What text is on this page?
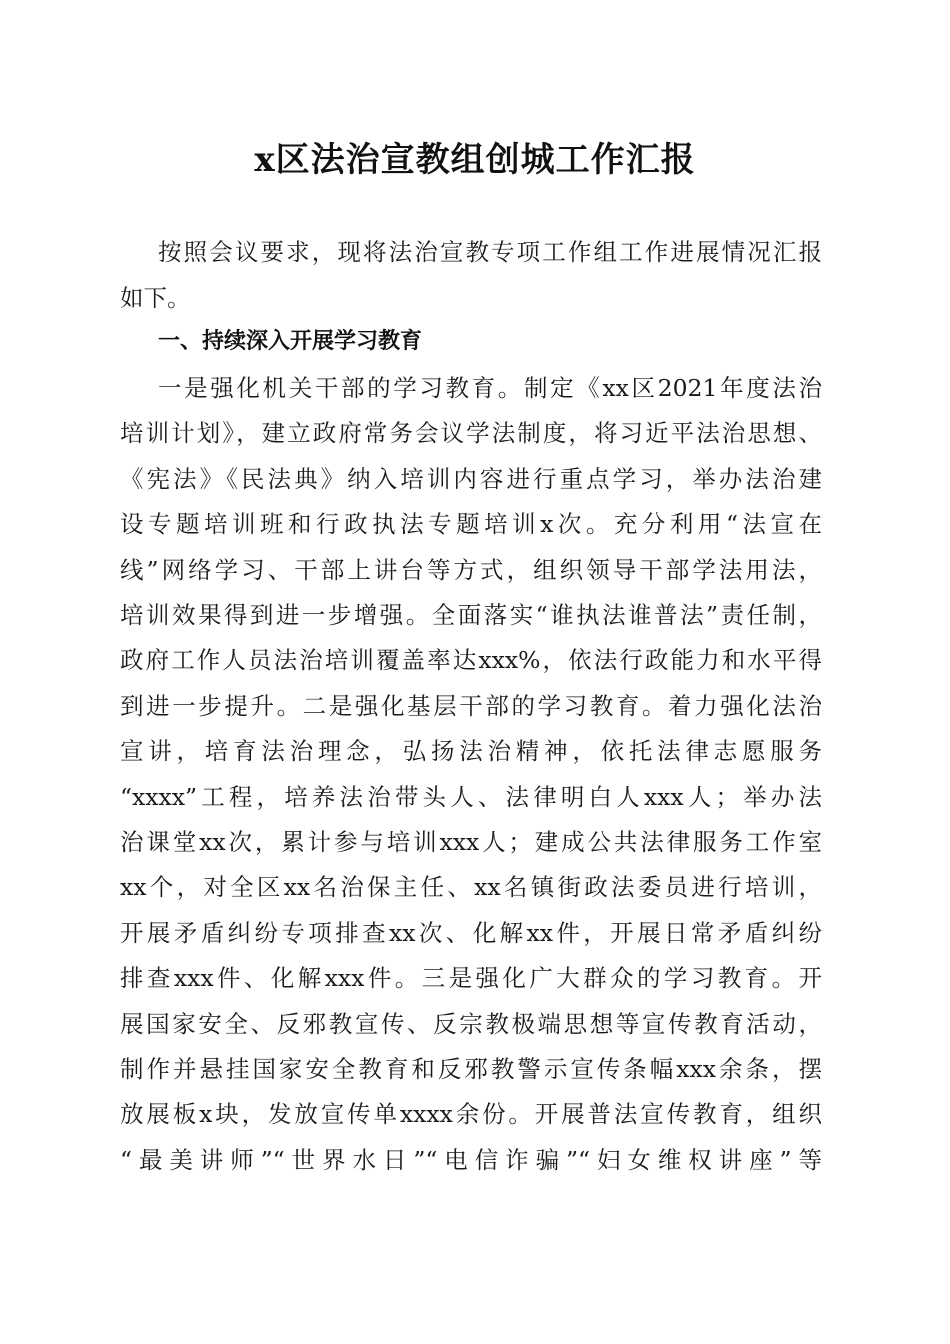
x区法治宣教组创城工作汇报
按照会议要求，现将法治宣教专项工作组工作进展情况汇报
如下。
一、持续深入开展学习教育
一是强化机关干部的学习教育。制定《xx区2021年度法治
培训计划》，建立政府常务会议学法制度，将习近平法治思想、
《宪法》《民法典》纳入培训内容进行重点学习，举办法治建
设专题培训班和行政执法专题培训x次。充分利用“法宣在
线”网络学习、干部上讲台等方式，组织领导干部学法用法，
培训效果得到进一步增强。全面落实“谁执法谁普法”责任制，
政府工作人员法治培训覆盖率达xxx%，依法行政能力和水平得
到进一步提升。二是强化基层干部的学习教育。着力强化法治
宣讲，培育法治理念，弘扬法治精神，依托法律志愿服务
“xxxx”工程，培养法治带头人、法律明白人xxx人；举办法
治课堂xx次，累计参与培训xxx人；建成公共法律服务工作室
xx个，对全区xx名治保主任、xx名镇街政法委员进行培训，
开展矛盾纠纷专项排查xx次、化解xx件，开展日常矛盾纠纷
排查xxx件、化解xxx件。三是强化广大群众的学习教育。开
展国家安全、反邪教宣传、反宗教极端思想等宣传教育活动，
制作并悬挂国家安全教育和反邪教警示宣传条幅xxx余条，摆
放展板x块，发放宣传单xxxx余份。开展普法宣传教育，组织
“最美讲师”“世界水日”“电信诈骗”“妇女维权讲座”等
